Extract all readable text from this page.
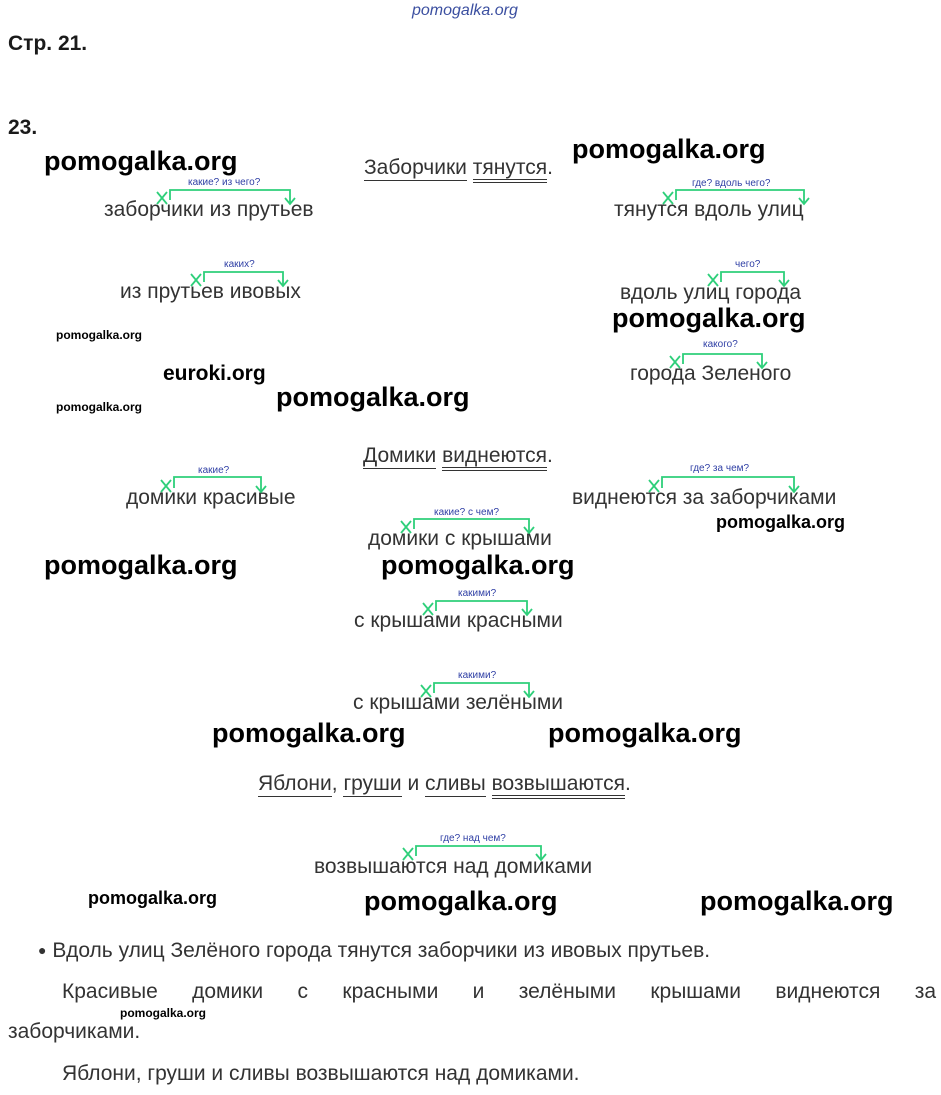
pomogalka.org
Стр. 21.
23.
Заборчики тянутся.
Домики виднеются.
Яблони, груши и сливы возвышаются.
заборчики из прутьев
какие? из чего?
тянутся вдоль улиц
где? вдоль чего?
из прутьев ивовых
каких?
вдоль улиц города
чего?
города Зеленого
какого?
домики красивые
какие?
виднеются за заборчиками
где? за чем?
домики с крышами
какие? с чем?
с крышами красными
какими?
с крышами зелёными
какими?
возвышаются над домиками
где? над чем?
pomogalka.org	pomogalka.org
pomogalka.org
pomogalka.org
euroki.org
pomogalka.org	pomogalka.org
pomogalka.org
pomogalka.org	pomogalka.org
pomogalka.org	pomogalka.org
pomogalka.org	pomogalka.org	pomogalka.org
● Вдоль улиц Зелёного города тянутся заборчики из ивовых прутьев.
Красивые домики с красными и зелёными крышами виднеются за
заборчиками.
pomogalka.org
Яблони, груши и сливы возвышаются над домиками.
